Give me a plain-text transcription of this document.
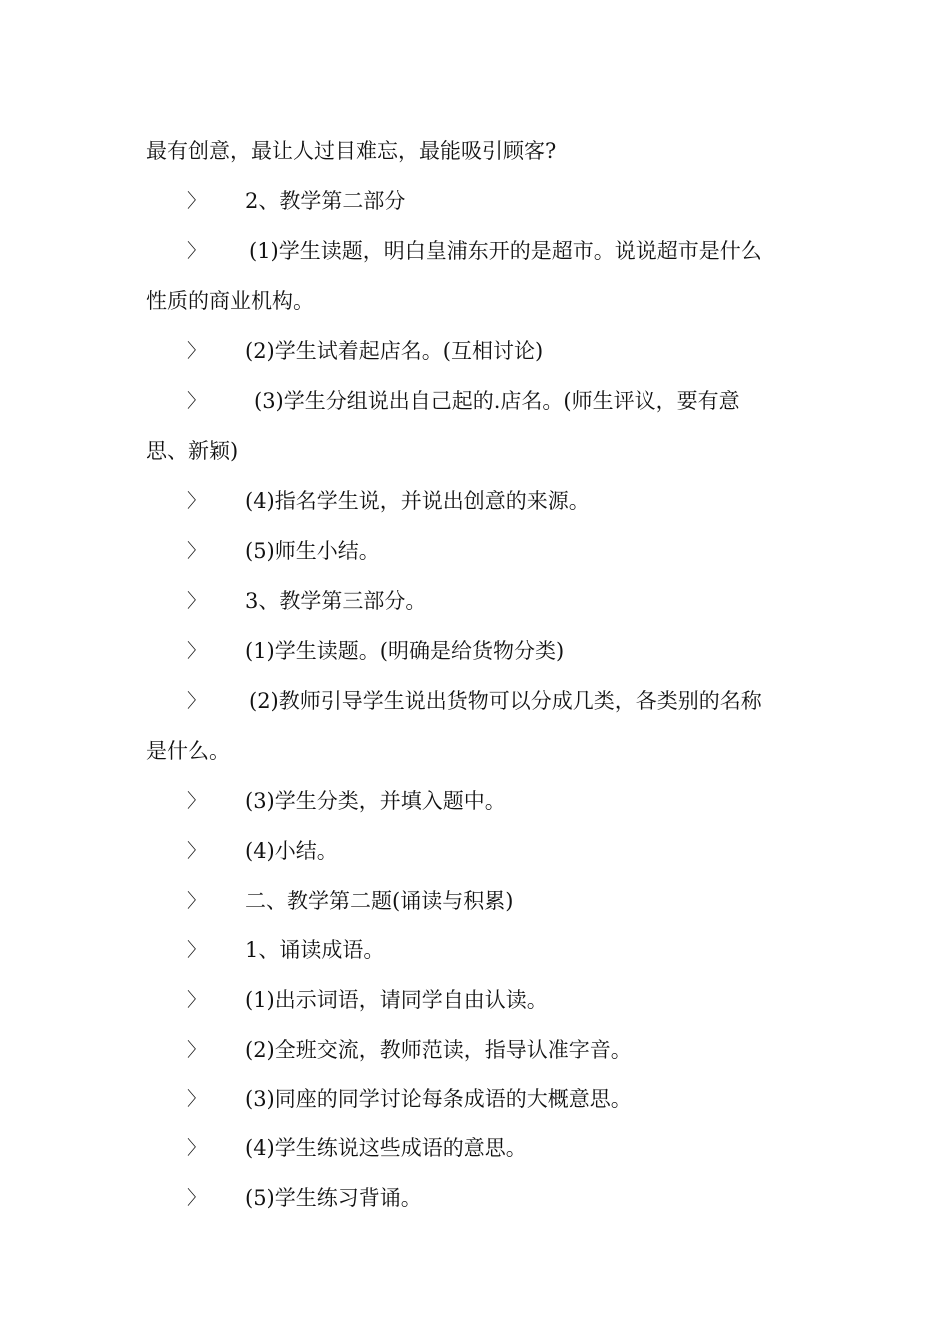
最有创意，最让人过目难忘，最能吸引顾客?
〉 2、教学第二部分
〉 (1)学生读题，明白皇浦东开的是超市。说说超市是什么
性质的商业机构。
〉 (2)学生试着起店名。(互相讨论)
〉 (3)学生分组说出自己起的.店名。(师生评议，要有意
思、新颖)
〉 (4)指名学生说，并说出创意的来源。
〉 (5)师生小结。
〉 3、教学第三部分。
〉 (1)学生读题。(明确是给货物分类)
〉 (2)教师引导学生说出货物可以分成几类，各类别的名称
是什么。
〉 (3)学生分类，并填入题中。
〉 (4)小结。
〉 二、教学第二题(诵读与积累)
〉 1、诵读成语。
〉 (1)出示词语，请同学自由认读。
〉 (2)全班交流，教师范读，指导认准字音。
〉 (3)同座的同学讨论每条成语的大概意思。
〉 (4)学生练说这些成语的意思。
〉 (5)学生练习背诵。
